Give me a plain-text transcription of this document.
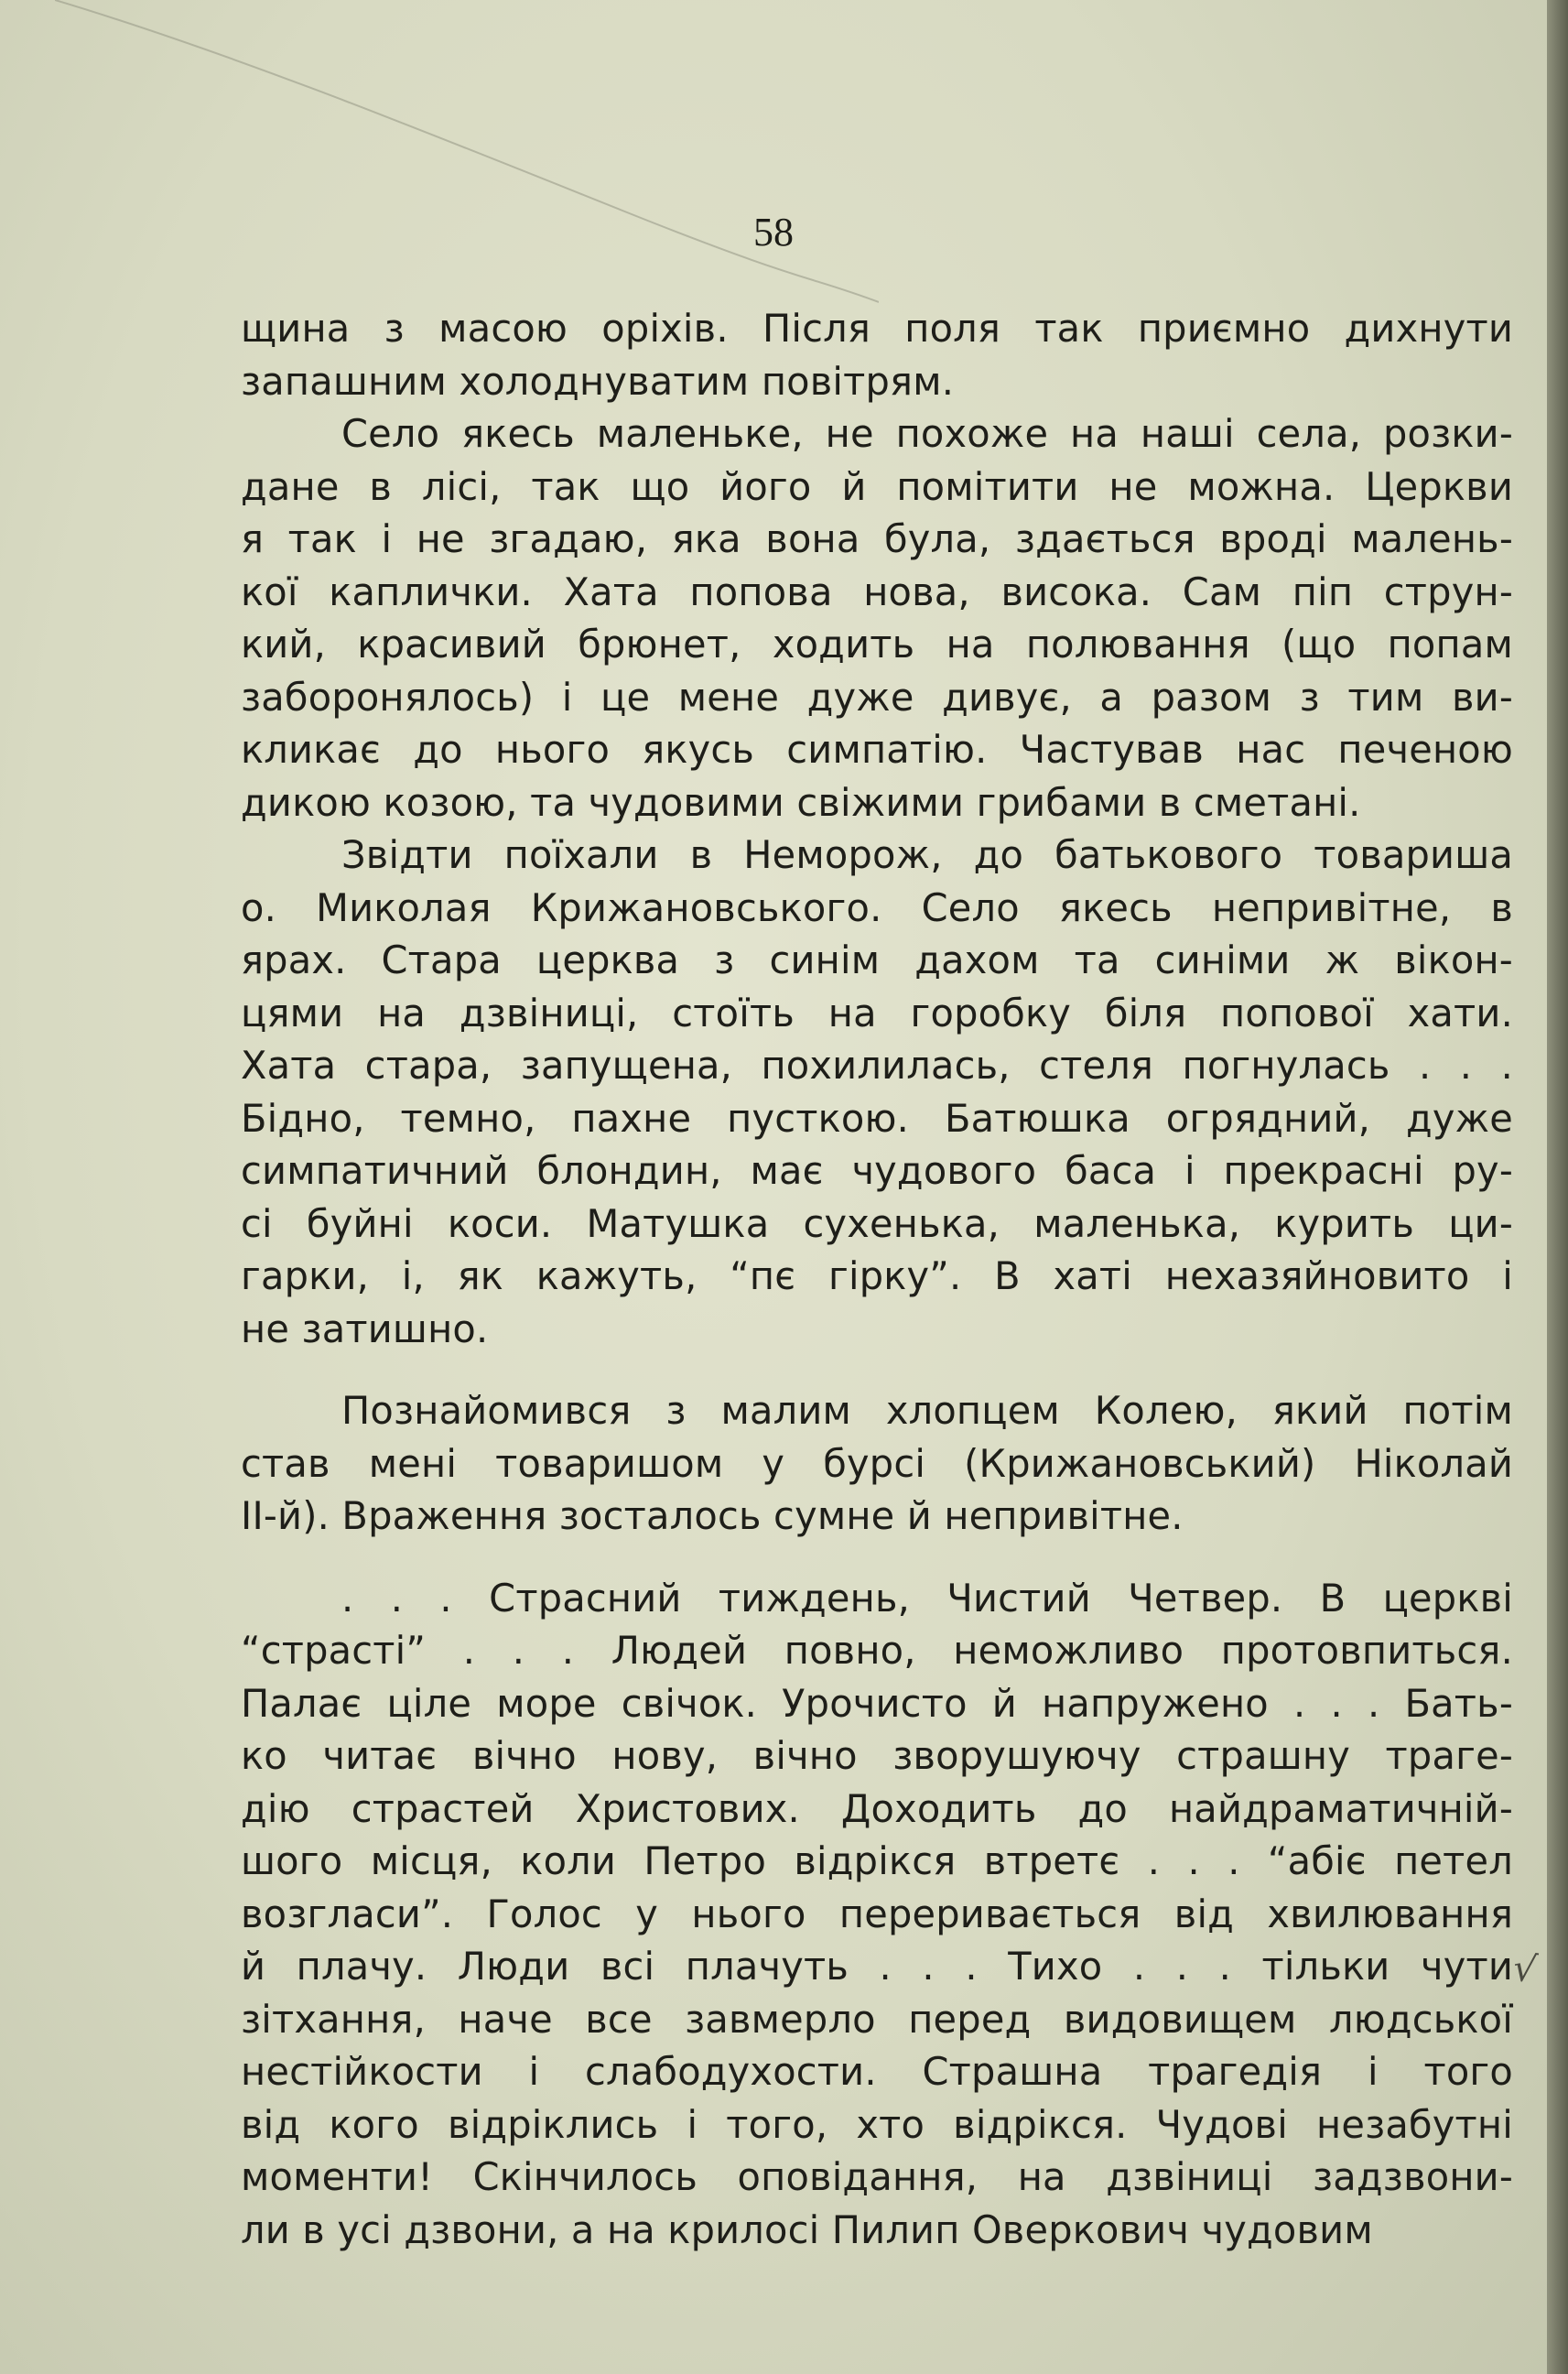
58
щина з масою оріхів. Після поля так приємно дихнути
запашним холоднуватим повітрям.
Село якесь маленьке, не похоже на наші села, розки-
дане в лісі, так що його й помітити не можна. Церкви
я так і не згадаю, яка вона була, здається вроді малень-
кої каплички. Хата попова нова, висока. Сам піп струн-
кий, красивий брюнет, ходить на полювання (що попам
заборонялось) і це мене дуже дивує, а разом з тим ви-
кликає до нього якусь симпатію. Частував нас печеною
дикою козою, та чудовими свіжими грибами в сметані.
Звідти поїхали в Неморож, до батькового товариша
о. Миколая Крижановського. Село якесь непривітне, в
ярах. Стара церква з синім дахом та синіми ж вікон-
цями на дзвіниці, стоїть на горобку біля попової хати.
Хата стара, запущена, похилилась, стеля погнулась . . .
Бідно, темно, пахне пусткою. Батюшка огрядний, дуже
симпатичний блондин, має чудового баса і прекрасні ру-
сі буйні коси. Матушка сухенька, маленька, курить ци-
гарки, і, як кажуть, “пє гірку”. В хаті нехазяйновито і
не затишно.
Познайомився з малим хлопцем Колею, який потім
став мені товаришом у бурсі (Крижановський) Ніколай
ІІ-й). Враження зосталось сумне й непривітне.
. . . Страсний тиждень, Чистий Четвер. В церкві
“страсті” . . . Людей повно, неможливо протовпиться.
Палає ціле море свічок. Урочисто й напружено . . . Бать-
ко читає вічно нову, вічно зворушуючу страшну траге-
дію страстей Христових. Доходить до найдраматичній-
шого місця, коли Петро відрікся втретє . . . “абіє петел
возгласи”. Голос у нього переривається від хвилювання
й плачу. Люди всі плачуть . . . Тихо . . . тільки чути
зітхання, наче все завмерло перед видовищем людської
нестійкости і слабодухости. Страшна трагедія і того
від кого відріклись і того, хто відрікся. Чудові незабутні
моменти! Скінчилось оповідання, на дзвіниці задзвони-
ли в усі дзвони, а на крилосі Пилип Оверкович чудовим
√
